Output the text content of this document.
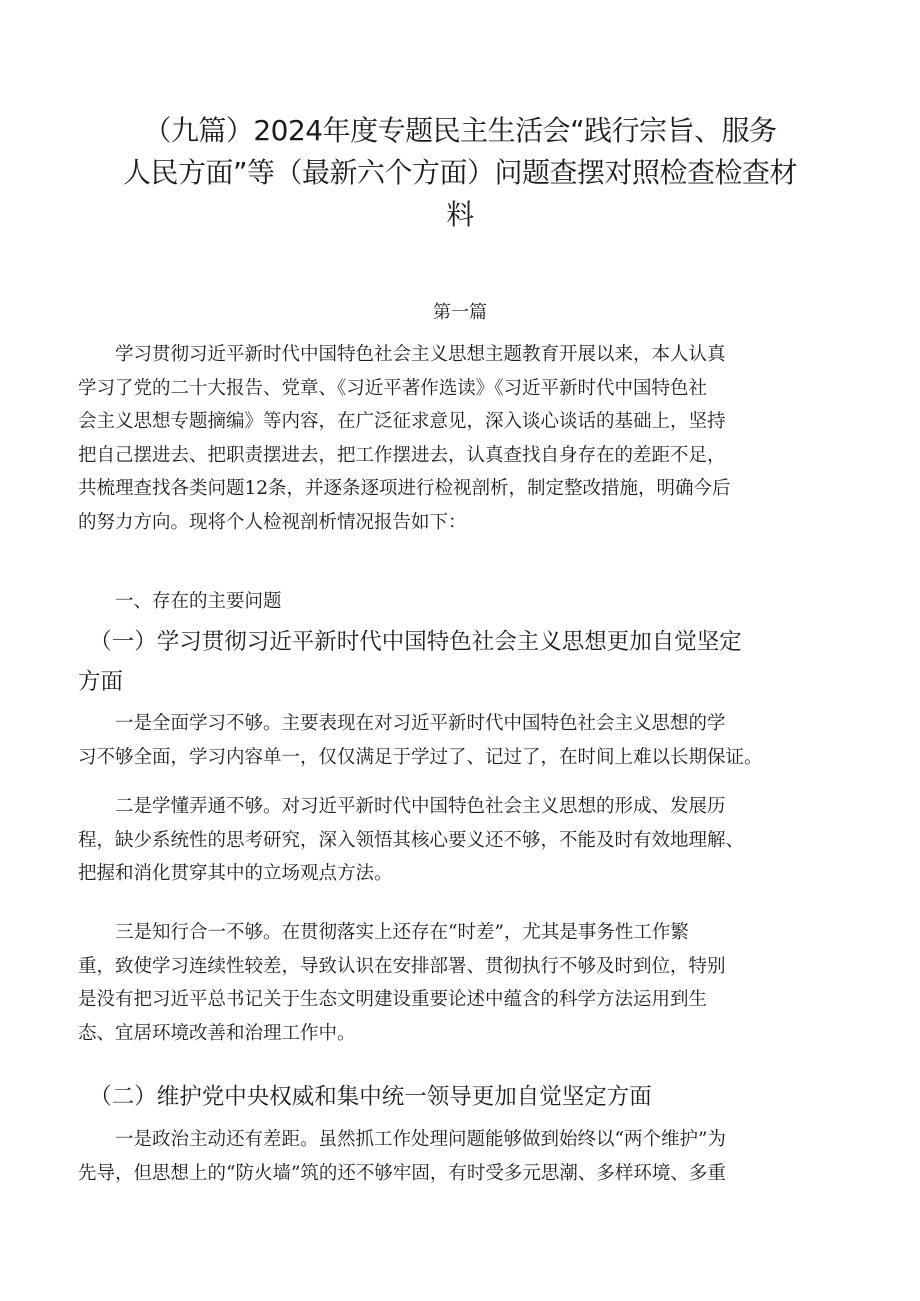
（九篇）2024年度专题民主生活会“践行宗旨、服务
人民方面”等（最新六个方面）问题查摆对照检查检查材
料

第一篇

　　学习贯彻习近平新时代中国特色社会主义思想主题教育开展以来，本人认真
学习了党的二十大报告、党章、《习近平著作选读》《习近平新时代中国特色社
会主义思想专题摘编》等内容，在广泛征求意见，深入谈心谈话的基础上，坚持
把自己摆进去、把职责摆进去，把工作摆进去，认真查找自身存在的差距不足，
共梳理查找各类问题12条，并逐条逐项进行检视剖析，制定整改措施，明确今后
的努力方向。现将个人检视剖析情况报告如下：

　　一、存在的主要问题

　（一）学习贯彻习近平新时代中国特色社会主义思想更加自觉坚定
方面

　　一是全面学习不够。主要表现在对习近平新时代中国特色社会主义思想的学
习不够全面，学习内容单一，仅仅满足于学过了、记过了，在时间上难以长期保证。

　　二是学懂弄通不够。对习近平新时代中国特色社会主义思想的形成、发展历
程，缺少系统性的思考研究，深入领悟其核心要义还不够，不能及时有效地理解、
把握和消化贯穿其中的立场观点方法。

　　三是知行合一不够。在贯彻落实上还存在“时差”，尤其是事务性工作繁
重，致使学习连续性较差，导致认识在安排部署、贯彻执行不够及时到位，特别
是没有把习近平总书记关于生态文明建设重要论述中蕴含的科学方法运用到生
态、宜居环境改善和治理工作中。

　（二）维护党中央权威和集中统一领导更加自觉坚定方面

　　一是政治主动还有差距。虽然抓工作处理问题能够做到始终以“两个维护”为
先导，但思想上的“防火墙”筑的还不够牢固，有时受多元思潮、多样环境、多重
